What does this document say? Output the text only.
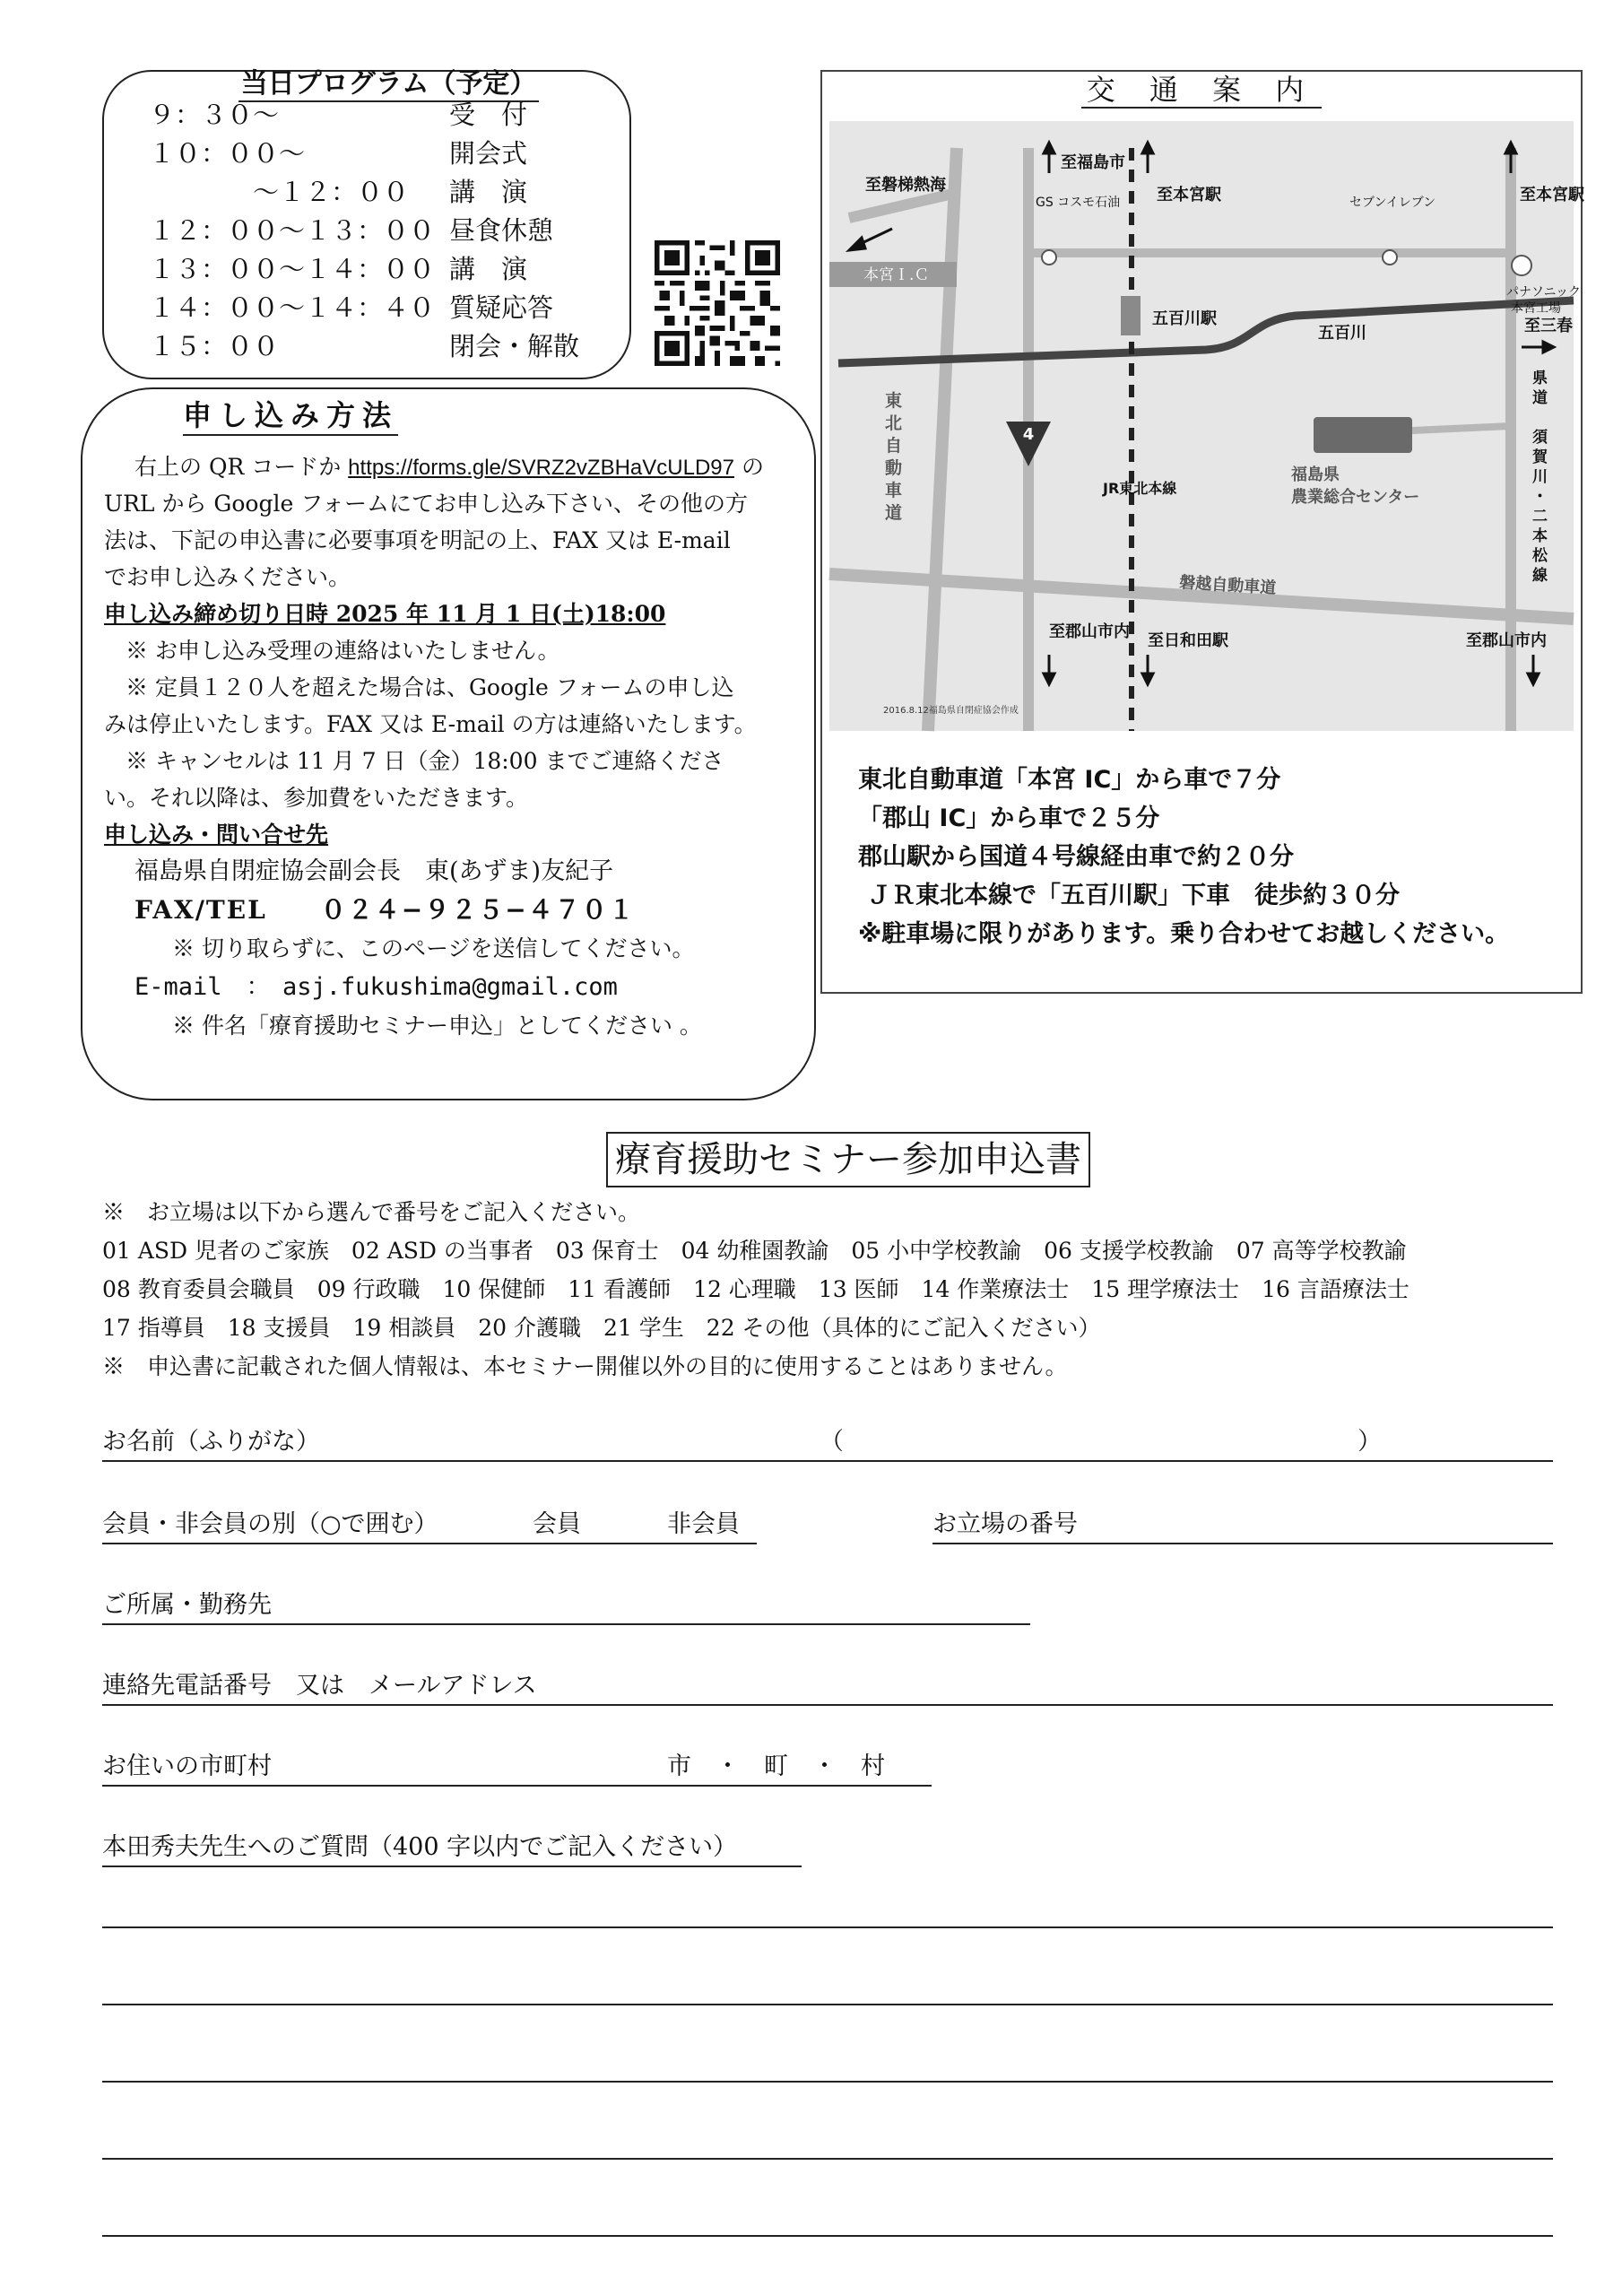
当日プログラム（予定）
９：３０〜	受　付
１０：００〜	開会式
　　　　〜１２：００ 講　演
１２：００〜１３：００ 昼食休憩
１３：００〜１４：００ 講　演
１４：００〜１４：４０ 質疑応答
１５：００	閉会・解散
申し込み方法
右上の QR コードか https://forms.gle/SVRZ2vZBHaVcULD97 の
URL から Google フォームにてお申し込み下さい、その他の方
法は、下記の申込書に必要事項を明記の上、FAX 又は E-mail
でお申し込みください。
申し込み締め切り日時 2025 年 11 月 1 日(土)18:00
※ お申し込み受理の連絡はいたしません。
※ 定員１２０人を超えた場合は、Google フォームの申し込
みは停止いたします。FAX 又は E-mail の方は連絡いたします。
※ キャンセルは 11 月 7 日（金）18:00 までご連絡くださ
い。それ以降は、参加費をいただきます。
申し込み・問い合せ先
福島県自閉症協会副会長　東(あずま)友紀子
FAX/TEL　　０２４−９２５−４７０１
※ 切り取らずに、このページを送信してください。
E-mail　：　asj.fukushima@gmail.com
※ 件名「療育援助セミナー申込」としてください 。
交 通 案 内
4
至磐梯熱海
至福島市
至本宮駅	至本宮駅
GS コスモ石油	セブンイレブン
パナソニック
本宮工場
本宮Ｉ.Ｃ
五百川駅
五百川	至三春
JR東北本線
福島県
農業総合センター
磐越自動車道
至郡山市内 至日和田駅	至郡山市内
2016.8.12福島県自閉症協会作成
東
北
自
動
車
道
県
道

須
賀
川
・
二
本
松
線
東北自動車道「本宮 IC」から車で７分
「郡山 IC」から車で２５分
郡山駅から国道４号線経由車で約２０分
ＪＲ東北本線で「五百川駅」下車　徒歩約３０分
※駐車場に限りがあります。乗り合わせてお越しください。
療育援助セミナー参加申込書
※　お立場は以下から選んで番号をご記入ください。
01 ASD 児者のご家族　02 ASD の当事者　03 保育士　04 幼稚園教諭　05 小中学校教諭　06 支援学校教諭　07 高等学校教諭
08 教育委員会職員　09 行政職　10 保健師　11 看護師　12 心理職　13 医師　14 作業療法士　15 理学療法士　16 言語療法士
17 指導員　18 支援員　19 相談員　20 介護職　21 学生　22 その他（具体的にご記入ください）
※　申込書に記載された個人情報は、本セミナー開催以外の目的に使用することはありません。
お名前（ふりがな）	（	）
会員・非会員の別（○で囲む）	会員	非会員	お立場の番号
ご所属・勤務先
連絡先電話番号　又は　メールアドレス
お住いの市町村	市　・　町　・　村
本田秀夫先生へのご質問（400 字以内でご記入ください）
